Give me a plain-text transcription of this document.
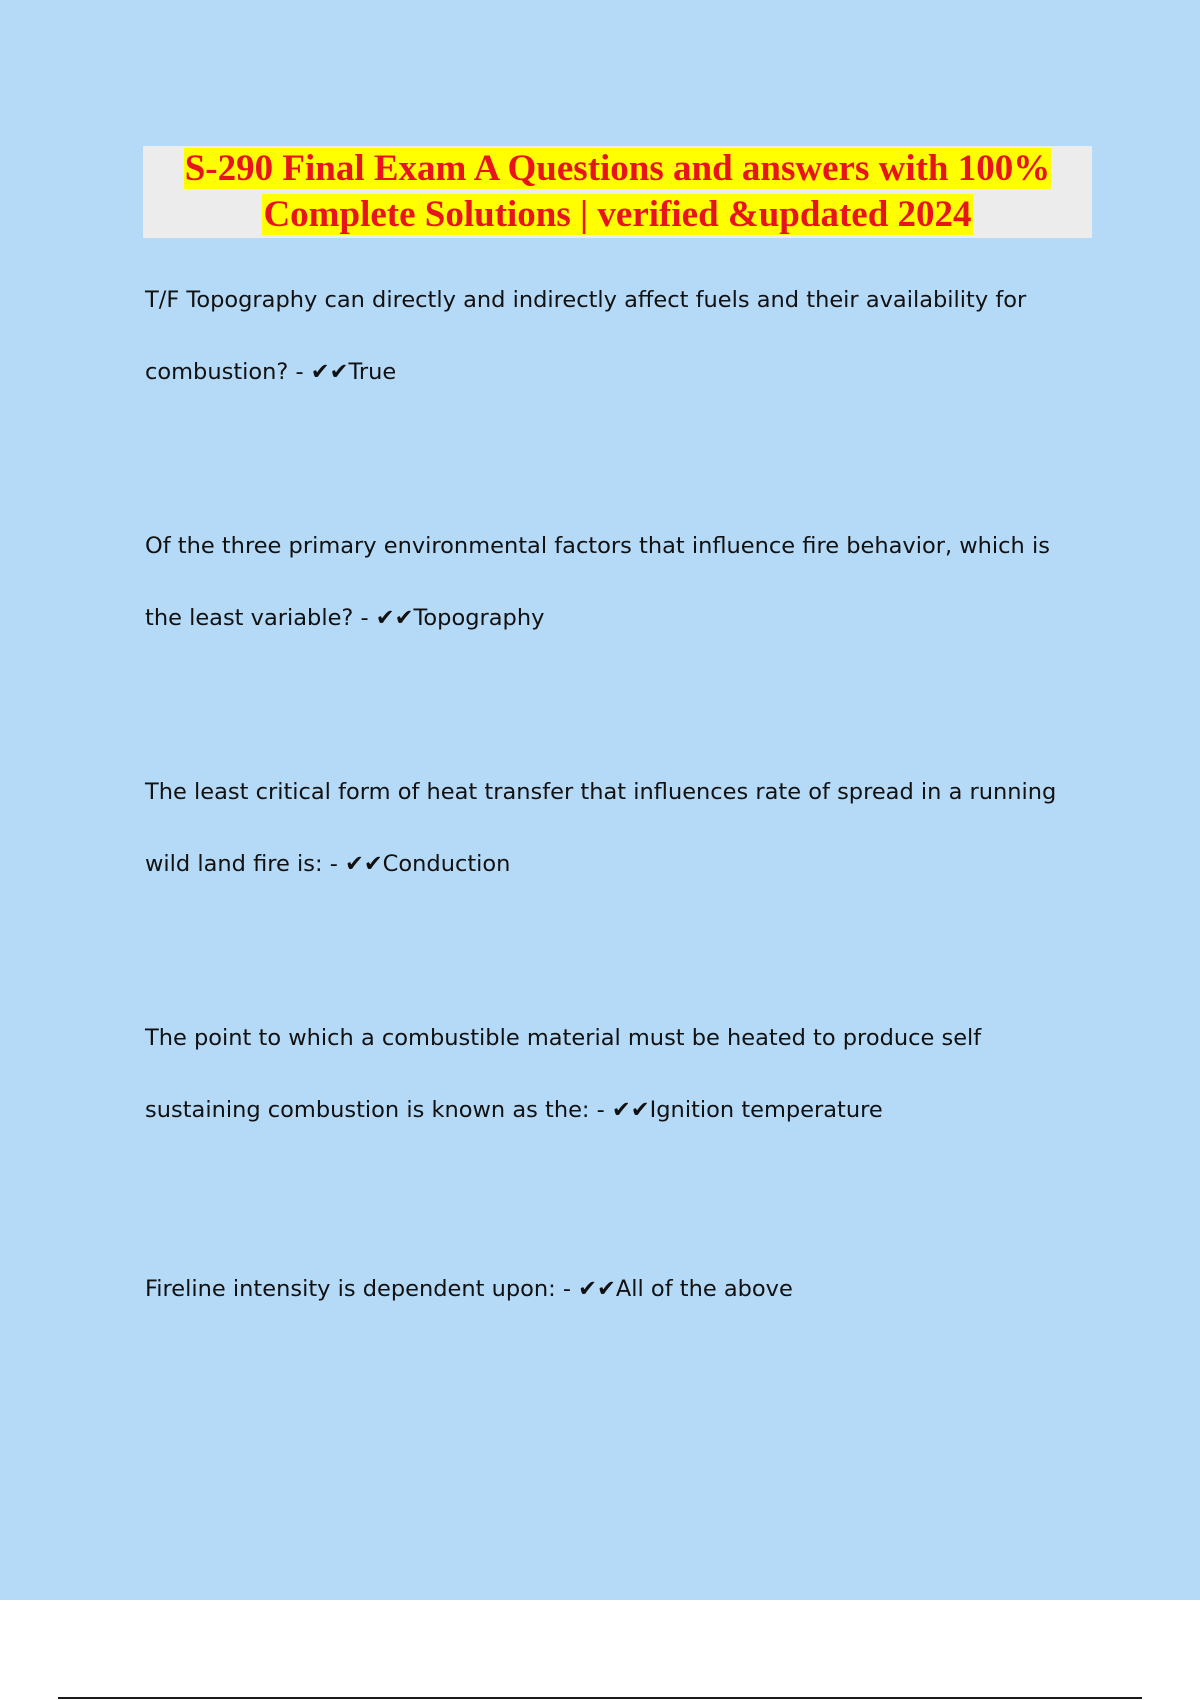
S-290 Final Exam A Questions and answers with 100%
Complete Solutions | verified &updated 2024
T/F Topography can directly and indirectly affect fuels and their availability for
combustion? - ✔✔True
Of the three primary environmental factors that influence fire behavior, which is
the least variable? - ✔✔Topography
The least critical form of heat transfer that influences rate of spread in a running
wild land fire is: - ✔✔Conduction
The point to which a combustible material must be heated to produce self
sustaining combustion is known as the: - ✔✔Ignition temperature
Fireline intensity is dependent upon: - ✔✔All of the above
